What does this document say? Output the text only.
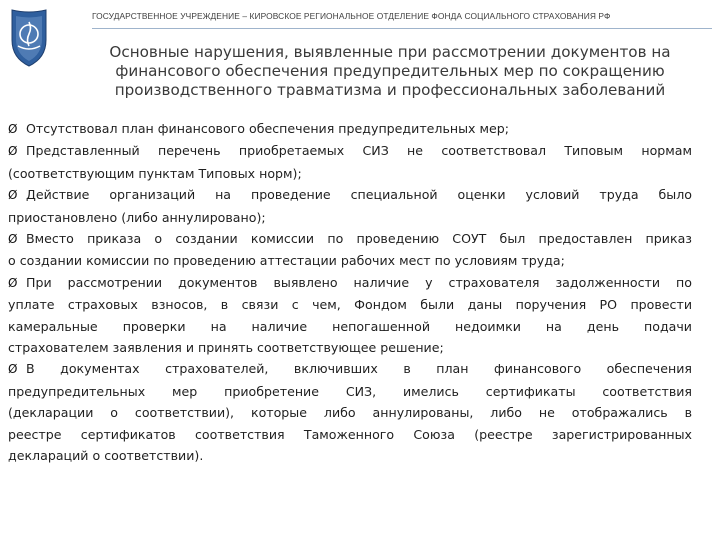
ГОСУДАРСТВЕННОЕ УЧРЕЖДЕНИЕ – КИРОВСКОЕ РЕГИОНАЛЬНОЕ ОТДЕЛЕНИЕ ФОНДА СОЦИАЛЬНОГО СТРАХОВАНИЯ РФ
Основные нарушения, выявленные при рассмотрении документов на
финансового обеспечения предупредительных мер по сокращению
производственного травматизма и профессиональных заболеваний
Ø Отсутствовал план финансового обеспечения предупредительных мер;
Ø Представленный перечень приобретаемых СИЗ не соответствовал Типовым нормам
(соответствующим пунктам Типовых норм);
Ø Действие организаций на проведение специальной оценки условий труда было
приостановлено (либо аннулировано);
Ø Вместо приказа о создании комиссии по проведению СОУТ был предоставлен приказ
о создании комиссии по проведению аттестации рабочих мест по условиям труда;
Ø При рассмотрении документов выявлено наличие у страхователя задолженности по
уплате страховых взносов, в связи с чем, Фондом были даны поручения РО провести
камеральные проверки на наличие непогашенной недоимки на день подачи
страхователем заявления и принять соответствующее решение;
Ø В документах страхователей, включивших в план финансового обеспечения
предупредительных мер приобретение СИЗ, имелись сертификаты соответствия
(декларации о соответствии), которые либо аннулированы, либо не отображались в
реестре сертификатов соответствия Таможенного Союза (реестре зарегистрированных
деклараций о соответствии).
